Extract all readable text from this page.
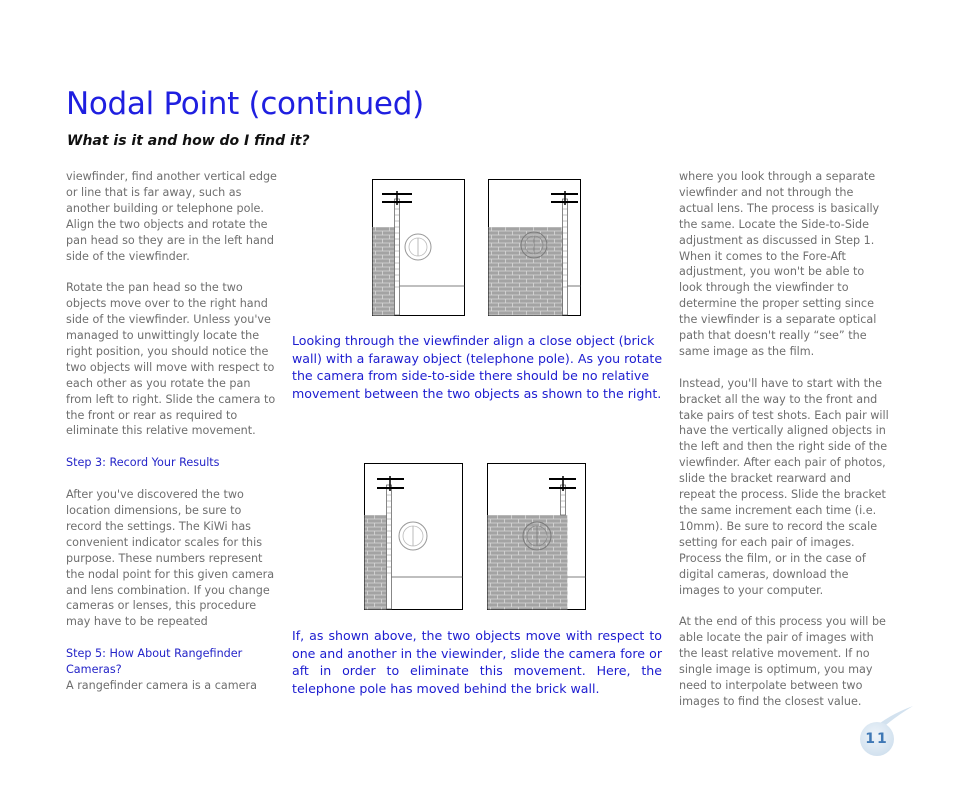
Nodal Point (continued)
What is it and how do I find it?

viewfinder, find another vertical edge or line that is far away, such as another building or telephone pole. Align the two objects and rotate the pan head so they are in the left hand side of the viewfinder.

Rotate the pan head so the two objects move over to the right hand side of the viewfinder. Unless you've managed to unwittingly locate the right position, you should notice the two objects will move with respect to each other as you rotate the pan from left to right. Slide the camera to the front or rear as required to eliminate this relative movement.

Step 3: Record Your Results

After you've discovered the two location dimensions, be sure to record the settings. The KiWi has convenient indicator scales for this purpose. These numbers represent the nodal point for this given camera and lens combination. If you change cameras or lenses, this procedure may have to be repeated

Step 5: How About Rangefinder Cameras?

A rangefinder camera is a camera

where you look through a separate viewfinder and not through the actual lens. The process is basically the same. Locate the Side-to-Side adjustment as discussed in Step 1. When it comes to the Fore-Aft adjustment, you won't be able to look through the viewfinder to determine the proper setting since the viewfinder is a separate optical path that doesn't really “see” the same image as the film.

Instead, you'll have to start with the bracket all the way to the front and take pairs of test shots. Each pair will have the vertically aligned objects in the left and then the right side of the viewfinder. After each pair of photos, slide the bracket rearward and repeat the process. Slide the bracket the same increment each time (i.e. 10mm). Be sure to record the scale setting for each pair of images. Process the film, or in the case of digital cameras, download the images to your computer.

At the end of this process you will be able locate the pair of images with the least relative movement. If no single image is optimum, you may need to interpolate between two images to find the closest value.

Looking through the viewfinder align a close object (brick wall) with a faraway object (telephone pole). As you rotate the camera from side-to-side there should be no relative movement between the two objects as shown to the right.

If, as shown above, the two objects move with respect to one and another in the viewinder, slide the camera fore or aft in order to eliminate this movement. Here, the telephone pole has moved behind the brick wall.

11
